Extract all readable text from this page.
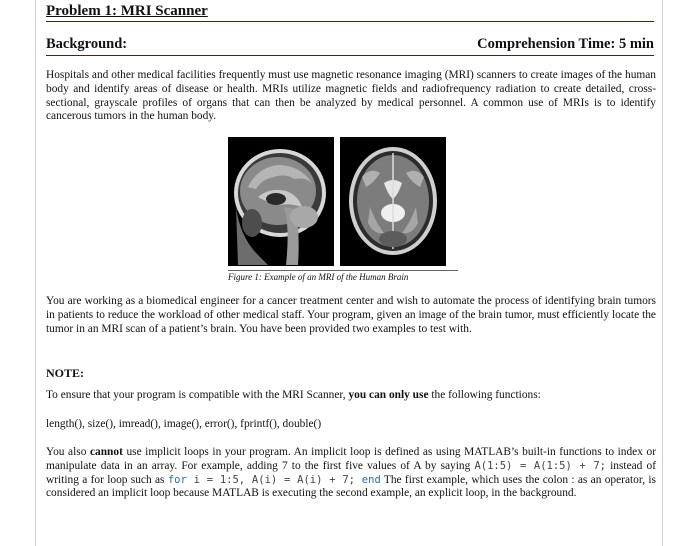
Problem 1: MRI Scanner
Background:	Comprehension Time: 5 min

Hospitals and other medical facilities frequently must use magnetic resonance imaging (MRI) scanners to create images of the human body and identify areas of disease or health. MRIs utilize magnetic fields and radiofrequency radiation to create detailed, cross-sectional, grayscale profiles of organs that can then be analyzed by medical personnel. A common use of MRIs is to identify cancerous tumors in the human body.

Figure 1: Example of an MRI of the Human Brain

You are working as a biomedical engineer for a cancer treatment center and wish to automate the process of identifying brain tumors in patients to reduce the workload of other medical staff. Your program, given an image of the brain tumor, must efficiently locate the tumor in an MRI scan of a patient’s brain. You have been provided two examples to test with.

NOTE:

To ensure that your program is compatible with the MRI Scanner, you can only use the following functions:

length(), size(), imread(), image(), error(), fprintf(), double()

You also cannot use implicit loops in your program. An implicit loop is defined as using MATLAB’s built-in functions to index or manipulate data in an array. For example, adding 7 to the first five values of A by saying A(1:5) = A(1:5) + 7; instead of writing a for loop such as for i = 1:5, A(i) = A(i) + 7; end The first example, which uses the colon : as an operator, is considered an implicit loop because MATLAB is executing the second example, an explicit loop, in the background.
